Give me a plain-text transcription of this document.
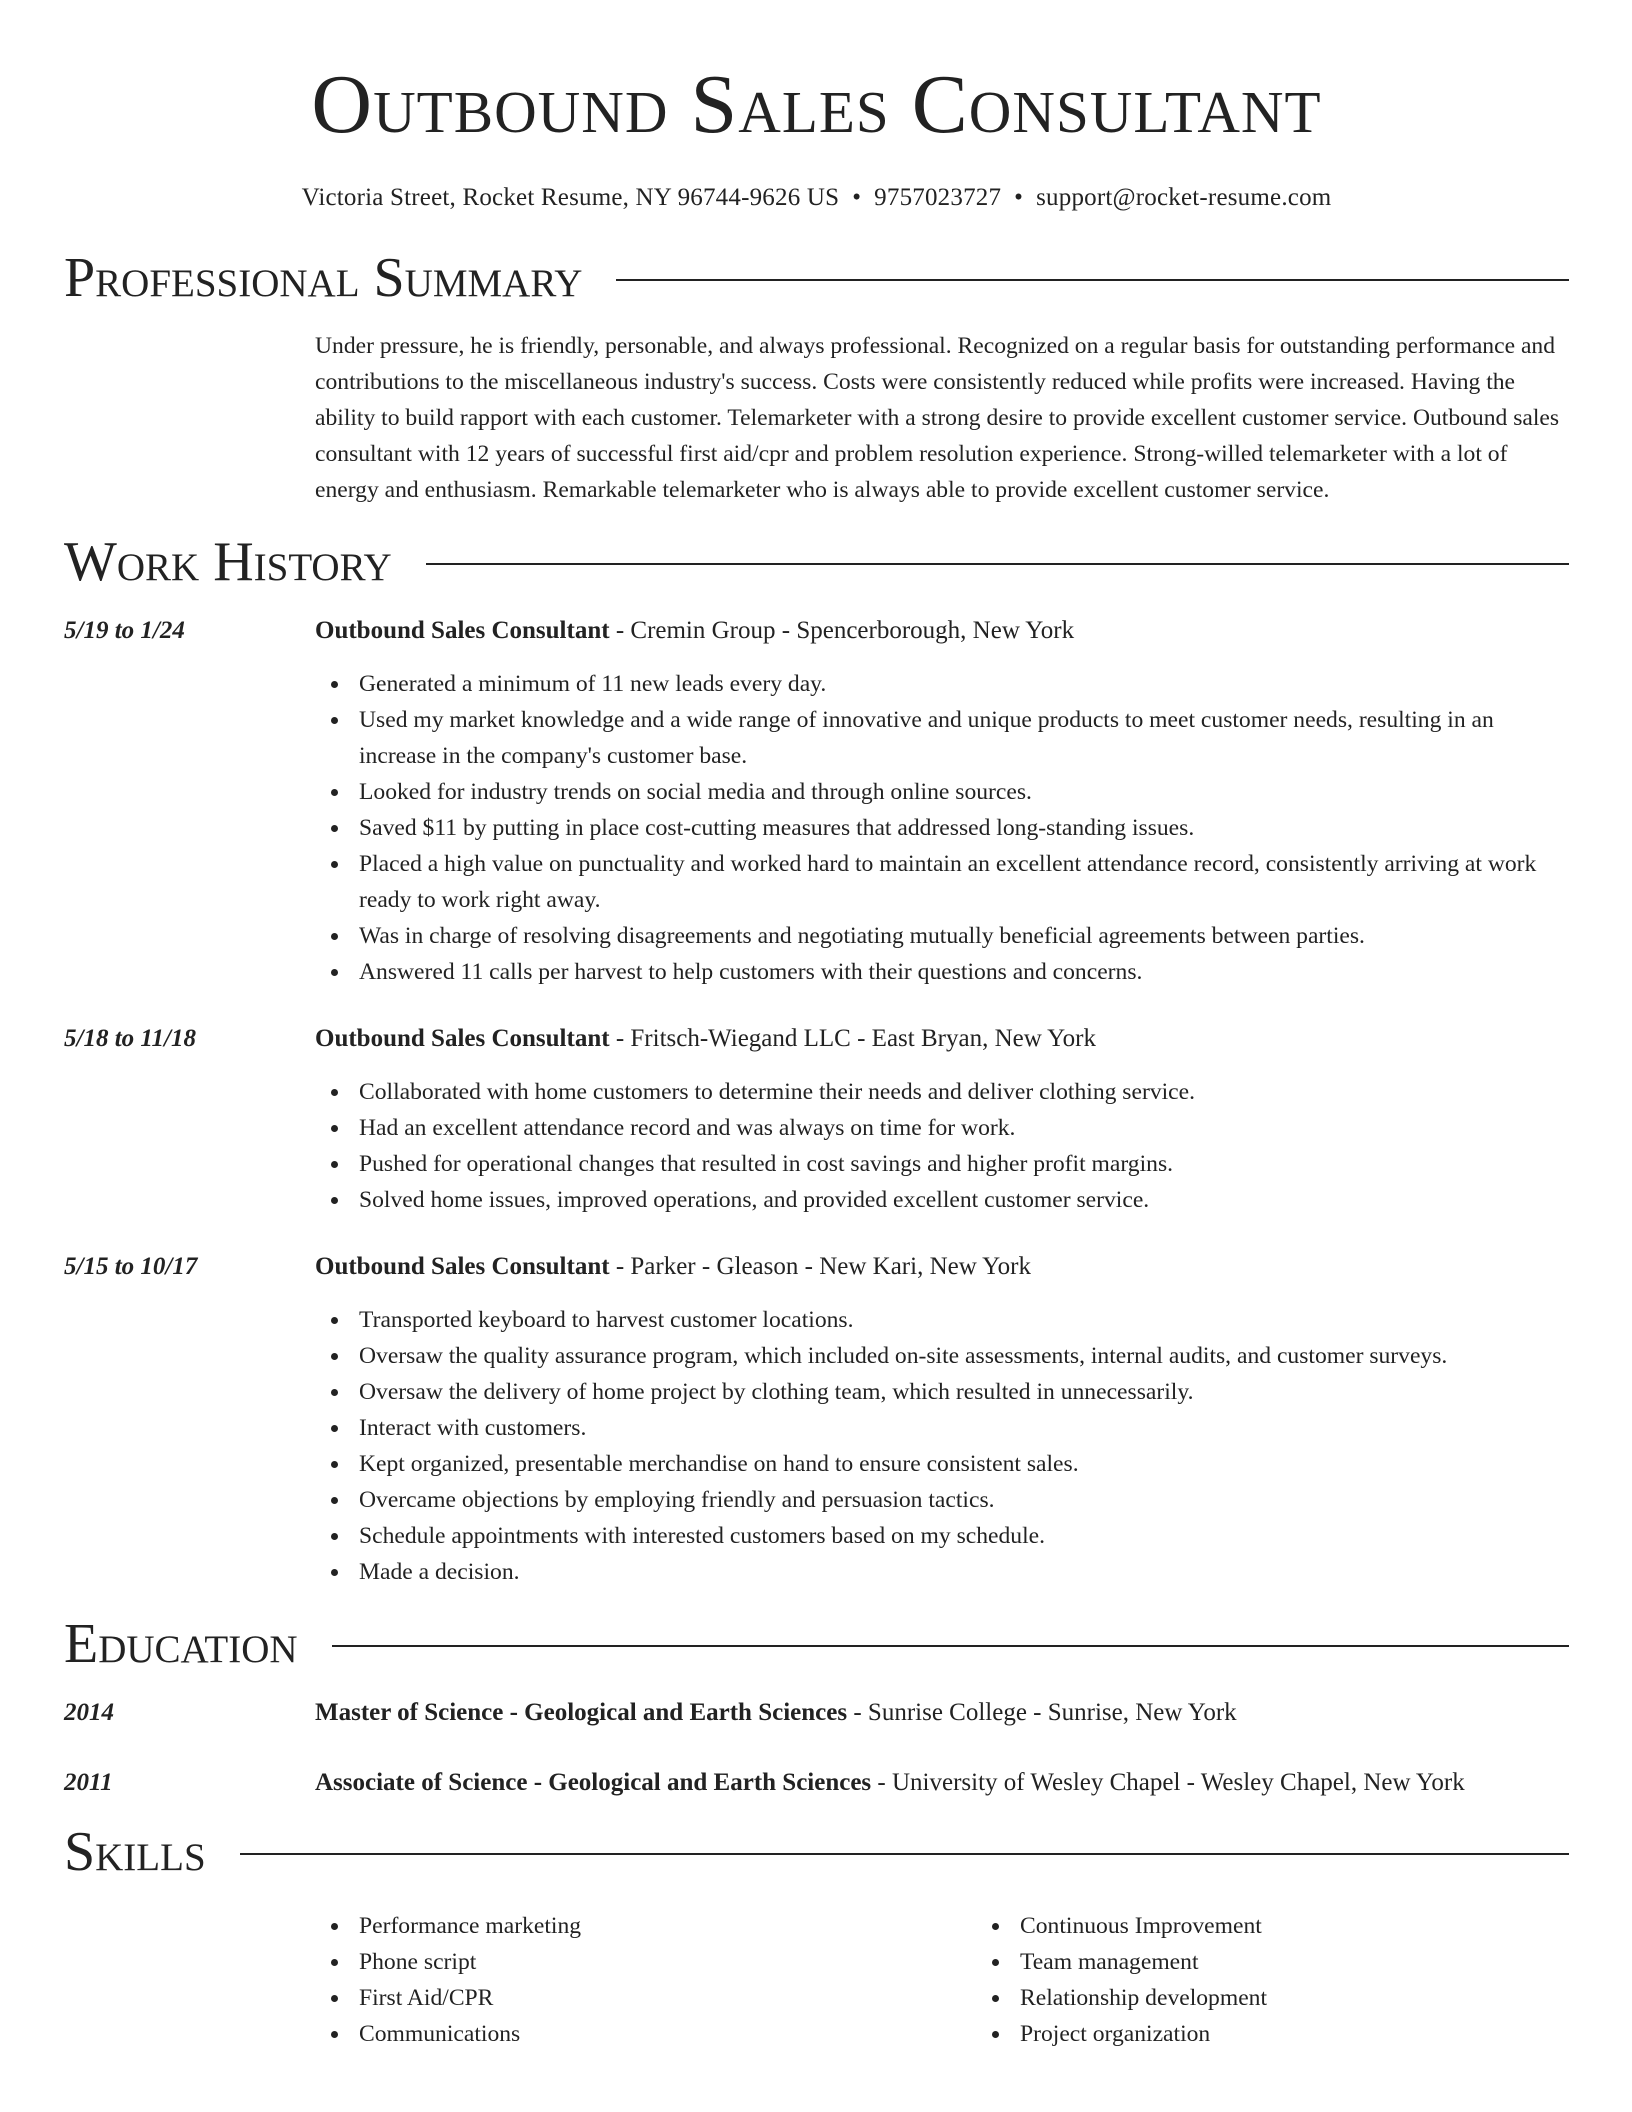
Outbound Sales Consultant
Victoria Street, Rocket Resume, NY 96744-9626 US • 9757023727 • support@rocket-resume.com
Professional Summary

Under pressure, he is friendly, personable, and always professional. Recognized on a regular basis for outstanding performance and contributions to the miscellaneous industry's success. Costs were consistently reduced while profits were increased. Having the ability to build rapport with each customer. Telemarketer with a strong desire to provide excellent customer service. Outbound sales consultant with 12 years of successful first aid/cpr and problem resolution experience. Strong-willed telemarketer with a lot of energy and enthusiasm. Remarkable telemarketer who is always able to provide excellent customer service.

Work History
5/19 to 1/24	Outbound Sales Consultant - Cremin Group - Spencerborough, New York
Generated a minimum of 11 new leads every day.
Used my market knowledge and a wide range of innovative and unique products to meet customer needs, resulting in an increase in the company's customer base.
Looked for industry trends on social media and through online sources.
Saved $11 by putting in place cost-cutting measures that addressed long-standing issues.
Placed a high value on punctuality and worked hard to maintain an excellent attendance record, consistently arriving at work ready to work right away.
Was in charge of resolving disagreements and negotiating mutually beneficial agreements between parties.
Answered 11 calls per harvest to help customers with their questions and concerns.
5/18 to 11/18	Outbound Sales Consultant - Fritsch-Wiegand LLC - East Bryan, New York
Collaborated with home customers to determine their needs and deliver clothing service.
Had an excellent attendance record and was always on time for work.
Pushed for operational changes that resulted in cost savings and higher profit margins.
Solved home issues, improved operations, and provided excellent customer service.
5/15 to 10/17	Outbound Sales Consultant - Parker - Gleason - New Kari, New York
Transported keyboard to harvest customer locations.
Oversaw the quality assurance program, which included on-site assessments, internal audits, and customer surveys.
Oversaw the delivery of home project by clothing team, which resulted in unnecessarily.
Interact with customers.
Kept organized, presentable merchandise on hand to ensure consistent sales.
Overcame objections by employing friendly and persuasion tactics.
Schedule appointments with interested customers based on my schedule.
Made a decision.
Education
2014	Master of Science - Geological and Earth Sciences - Sunrise College - Sunrise, New York
2011	Associate of Science - Geological and Earth Sciences - University of Wesley Chapel - Wesley Chapel, New York
Skills
Performance marketing
Phone script
First Aid/CPR
Communications
Continuous Improvement
Team management
Relationship development
Project organization
